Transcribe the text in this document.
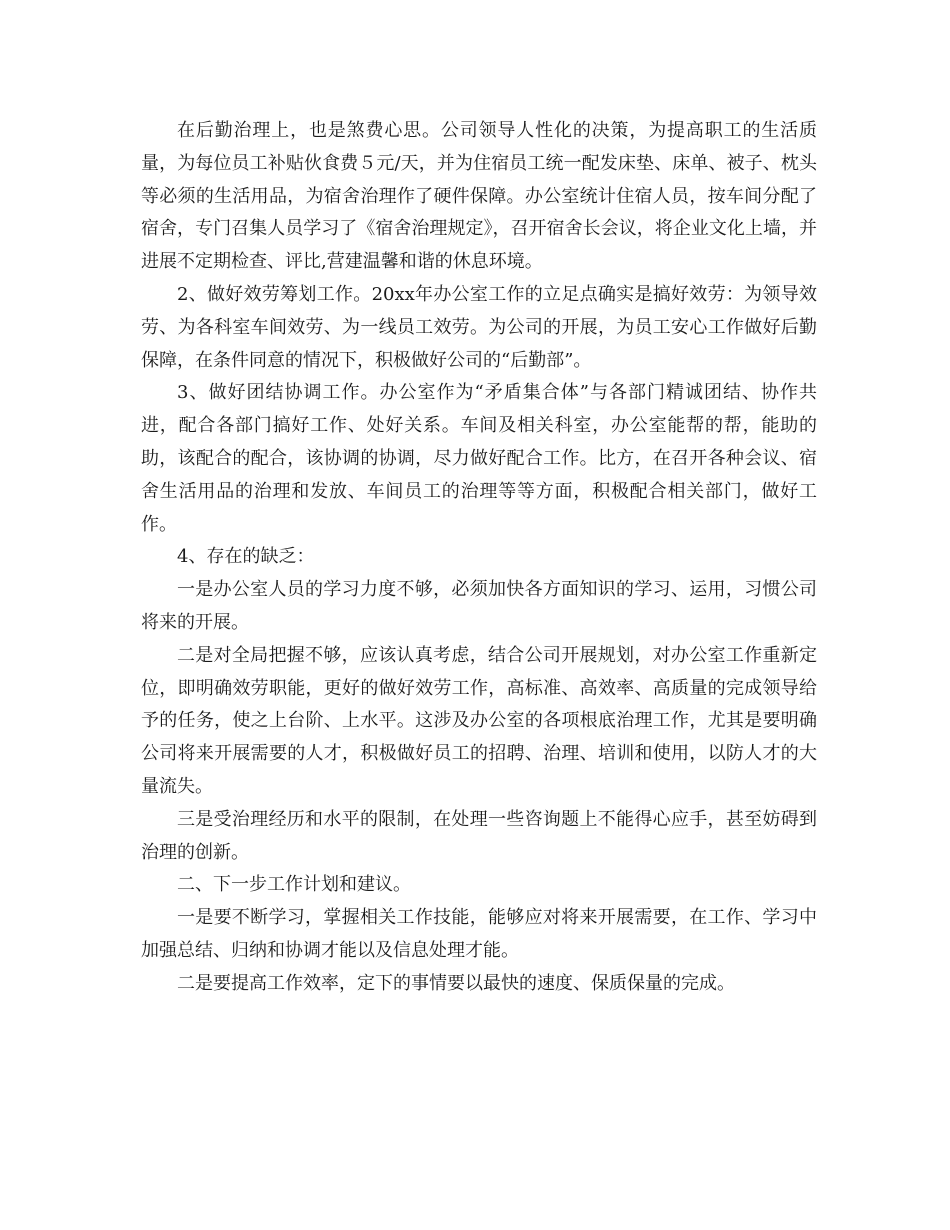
在后勤治理上，也是煞费心思。公司领导人性化的决策，为提高职工的生活质量，为每位员工补贴伙食费５元/天，并为住宿员工统一配发床垫、床单、被子、枕头等必须的生活用品，为宿舍治理作了硬件保障。办公室统计住宿人员，按车间分配了宿舍，专门召集人员学习了《宿舍治理规定》，召开宿舍长会议，将企业文化上墙，并进展不定期检查、评比,营建温馨和谐的休息环境。

2、做好效劳筹划工作。20xx年办公室工作的立足点确实是搞好效劳：为领导效劳、为各科室车间效劳、为一线员工效劳。为公司的开展，为员工安心工作做好后勤保障，在条件同意的情况下，积极做好公司的“后勤部”。

3、做好团结协调工作。办公室作为“矛盾集合体”与各部门精诚团结、协作共进，配合各部门搞好工作、处好关系。车间及相关科室，办公室能帮的帮，能助的助，该配合的配合，该协调的协调，尽力做好配合工作。比方，在召开各种会议、宿舍生活用品的治理和发放、车间员工的治理等等方面，积极配合相关部门，做好工作。

4、存在的缺乏：

一是办公室人员的学习力度不够，必须加快各方面知识的学习、运用，习惯公司将来的开展。

二是对全局把握不够，应该认真考虑，结合公司开展规划，对办公室工作重新定位，即明确效劳职能，更好的做好效劳工作，高标准、高效率、高质量的完成领导给予的任务，使之上台阶、上水平。这涉及办公室的各项根底治理工作，尤其是要明确公司将来开展需要的人才，积极做好员工的招聘、治理、培训和使用，以防人才的大量流失。

三是受治理经历和水平的限制，在处理一些咨询题上不能得心应手，甚至妨碍到治理的创新。

二、下一步工作计划和建议。

一是要不断学习，掌握相关工作技能，能够应对将来开展需要，在工作、学习中加强总结、归纳和协调才能以及信息处理才能。

二是要提高工作效率，定下的事情要以最快的速度、保质保量的完成。
